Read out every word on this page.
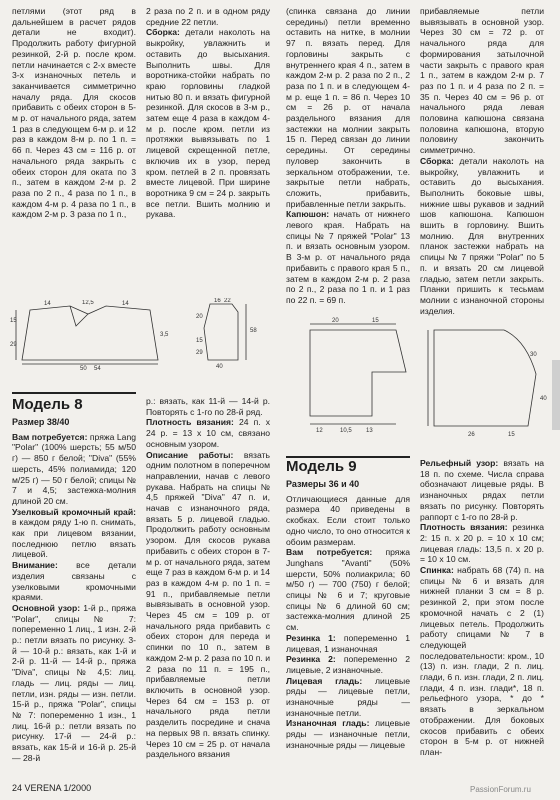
петлями (этот ряд в дальнейшем в расчет рядов детали не входит). Продолжить работу фигурной резинкой, 2-й р. после кром. петли начинается с 2-х вместе 3-х изнаночных петель и заканчивается симметрично началу ряда. Для скосов прибавить с обеих сторон в 5-м р. от начального ряда, затем 1 раз в следующем 6-м р. и 12 раз в каждом 8-м р. по 1 п. = 66 п. Через 43 см = 116 р. от начального ряда закрыть с обеих сторон для оката по 3 п., затем в каждом 2-м р. 2 раза по 2 п., 4 раза по 1 п., в каждом 4-м р. 4 раза по 1 п., в каждом 2-м р. 3 раза по 1 п.,

2 раза по 2 п. и в одном ряду средние 22 петли.

Сборка: детали наколоть на выкройку, увлажнить и оставить до высыхания. Выполнить швы. Для воротника-стойки набрать по краю горловины гладкой нитью 80 п. и вязать фигурной резинкой. Для скосов в 3-м р., затем еще 4 раза в каждом 4-м р. после кром. петли из протяжки вывязывать по 1 лицевой скрещенной петле, включив их в узор, перед кром. петлей в 2 п. провязать вместе лицевой. При ширине воротника 9 см = 24 р. закрыть все петли. Вшить молнию и рукава.

(спинка связана до линии середины) петли временно оставить на нитке, в молнии 97 п. вязать перед. Для горловины закрыть с внутреннего края 4 п., затем в каждом 2-м р. 2 раза по 2 п., 2 раза по 1 п. и в следующем 4-м р. еще 1 п. = 86 п. Через 10 см = 26 р. от начала раздельного вязания для застежки на молнии закрыть 15 п. Перед связан до линии середины. От середины пуловер закончить в зеркальном отображении, т.е. закрытые петли набрать, сложить, прибавить, прибавленные петли закрыть.

Капюшон: начать от нижнего левого края. Набрать на спицы № 7 пряжей "Polar" 13 п. и вязать основным узором. В 3-м р. от начального ряда прибавить с правого края 5 п., затем в каждом 2-м р. 2 раза по 2 п., 2 раза по 1 п. и 1 раз по 22 п. = 69 п.

прибавляемые петли вывязывать в основной узор. Через 30 см = 72 р. от начального ряда для формирования затылочной части закрыть с правого края 1 п., затем в каждом 2-м р. 7 раз по 1 п. и 4 раза по 2 п. = 35 п. Через 40 см = 96 р. от начального ряда левая половина капюшона связана половина капюшона, вторую половину закончить симметрично.

Сборка: детали наколоть на выкройку, увлажнить и оставить до высыхания. Выполнить боковые швы, нижние швы рукавов и задний шов капюшона. Капюшон вшить в горловину. Вшить молнию. Для внутренних планок застежки набрать на спицы № 7 пряжи "Polar" по 5 п. и вязать 20 см лицевой гладью, затем петли закрыть. Планки пришить к тесьмам молнии с изнаночной стороны изделия.

14	12,5	14
15
29
50 54
3,5
58
20
16 22
40
15
29
20	15
12	10,5 13
30
40
26	15

Модель 8

Размер 38/40

Вам потребуется: пряжа Lang "Polar" (100% шерсть; 55 м/50 г) — 850 г белой; "Diva" (55% шерсть, 45% полиамида; 120 м/25 г) — 50 г белой; спицы № 7 и 4,5; застежка-молния длиной 20 см.

Узелковый кромочный край: в каждом ряду 1-ю п. снимать, как при лицевом вязании, последнюю петлю вязать лицевой.

Внимание: все детали изделия связаны с узелковыми кромочными краями.

Основной узор: 1-й р., пряжа "Polar", спицы № 7: попеременно 1 лиц., 1 изн. 2-й р.: петли вязать по рисунку. 3-й — 10-й р.: вязать, как 1-й и 2-й р. 11-й — 14-й р., пряжа "Diva", спицы № 4,5: лиц. гладь — лиц. ряды — лиц. петли, изн. ряды — изн. петли. 15-й р., пряжа "Polar", спицы № 7: попеременно 1 изн., 1 лиц. 16-й р.: петли вязать по рисунку. 17-й — 24-й р.: вязать, как 15-й и 16-й р. 25-й — 28-й

р.: вязать, как 11-й — 14-й р. Повторять с 1-го по 28-й ряд.

Плотность вязания: 24 п. x 24 р. = 13 x 10 см, связано основным узором.

Описание работы: вязать одним полотном в поперечном направлении, начав с левого рукава. Набрать на спицы № 4,5 пряжей "Diva" 47 п. и, начав с изнаночного ряда, вязать 5 р. лицевой гладью. Продолжить работу основным узором. Для скосов рукава прибавить с обеих сторон в 7-м р. от начального ряда, затем еще 7 раз в каждом 6-м р. и 14 раз в каждом 4-м р. по 1 п. = 91 п., прибавляемые петли вывязывать в основной узор. Через 45 см = 109 р. от начального ряда прибавить с обеих сторон для переда и спинки по 10 п., затем в каждом 2-м р. 2 раза по 10 п. и 2 раза по 11 п. = 195 п., прибавляемые петли включить в основной узор. Через 64 см = 153 р. от начального ряда петли разделить посредине и снача на первых 98 п. вязать спинку. Через 10 см = 25 р. от начала раздельного вязания

Модель 9

Размеры 36 и 40

Отличающиеся данные для размера 40 приведены в скобках. Если стоит только одно число, то оно относится к обоим размерам.

Вам потребуется: пряжа Junghans "Avanti" (50% шерсти, 50% полиакрила; 60 м/50 г) — 700 (750) г белой; спицы № 6 и 7; круговые спицы № 6 длиной 60 см; застежка-молния длиной 25 см.

Резинка 1: попеременно 1 лицевая, 1 изнаночная

Резинка 2: попеременно 2 лицевые, 2 изнаночные.

Лицевая гладь: лицевые ряды — лицевые петли, изнаночные ряды — изнаночные петли.

Изнаночная гладь: лицевые ряды — изнаночные петли, изнаночные ряды — лицевые

Рельефный узор: вязать на 18 п. по схеме. Числа справа обозначают лицевые ряды. В изнаночных рядах петли вязать по рисунку. Повторять раппорт с 1-го по 28-й р.

Плотность вязания: резинка 2: 15 п. x 20 р. = 10 x 10 см; лицевая гладь: 13,5 п. x 20 р. = 10 x 10 см.

Спинка: набрать 68 (74) п. на спицы № 6 и вязать для нижней планки 3 см = 8 р. резинкой 2, при этом после кромочной начать с 2 (1) лицевых петель. Продолжить работу спицами № 7 в следующей последовательности: кром., 10 (13) п. изн. глади, 2 п. лиц. глади, 6 п. изн. глади, 2 п. лиц. глади, 4 п. изн. глади*, 18 п. рельефного узора, * до * вязать в зеркальном отображении. Для боковых скосов прибавить с обеих сторон в 5-м р. от нижней план-

24 VERENA 1/2000	PassionForum.ru
